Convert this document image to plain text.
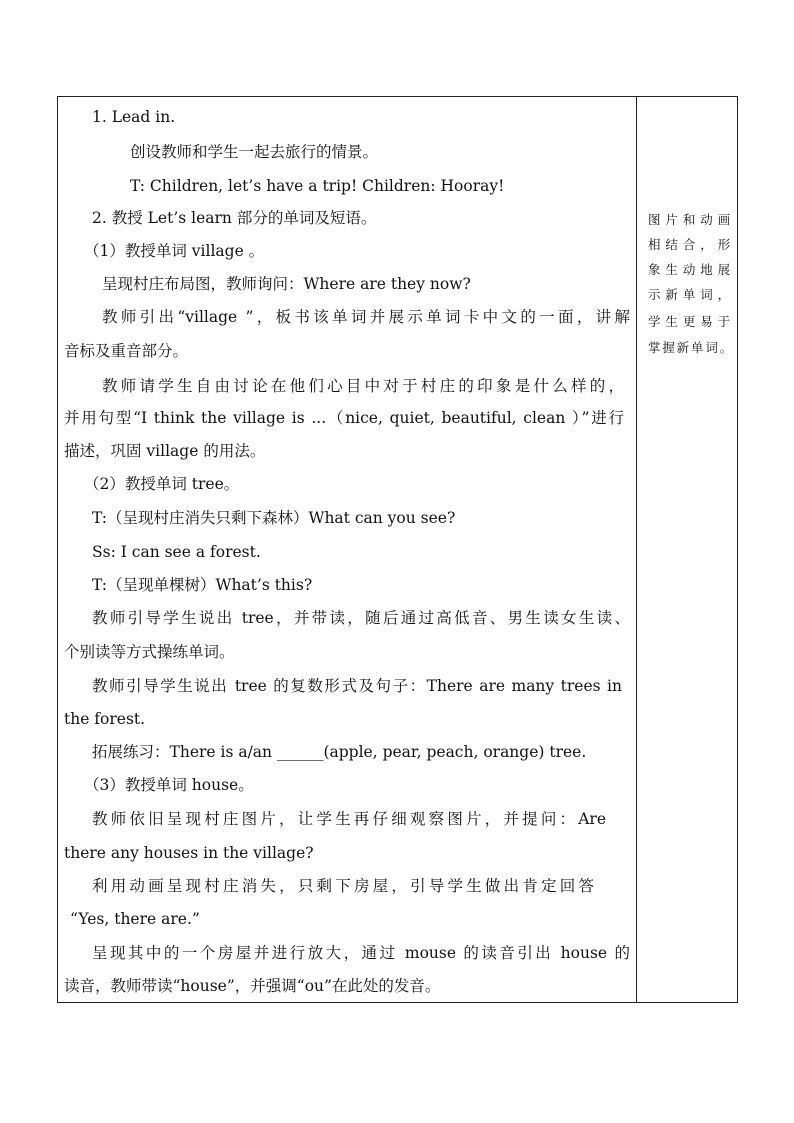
1. Lead in.
创设教师和学生一起去旅行的情景。
T: Children, let’s have a trip! Children: Hooray!
2. 教授 Let’s learn 部分的单词及短语。
（1）教授单词 village 。
呈现村庄布局图，教师询问：Where are they now?
教师引出“village ”，板书该单词并展示单词卡中文的一面，讲解
音标及重音部分。
教师请学生自由讨论在他们心目中对于村庄的印象是什么样的，
并用句型“I think the village is ...（nice, quiet, beautiful, clean ）”进行
描述，巩固 village 的用法。
（2）教授单词 tree。
T:（呈现村庄消失只剩下森林）What can you see?
Ss: I can see a forest.
T:（呈现单棵树）What’s this?
教师引导学生说出 tree，并带读，随后通过高低音、男生读女生读、
个别读等方式操练单词。
教师引导学生说出 tree 的复数形式及句子：There are many trees in
the forest.
拓展练习：There is a/an ______(apple, pear, peach, orange) tree.
（3）教授单词 house。
教师依旧呈现村庄图片，让学生再仔细观察图片，并提问：Are
there any houses in the village?
利用动画呈现村庄消失，只剩下房屋，引导学生做出肯定回答
“Yes, there are.”
呈现其中的一个房屋并进行放大，通过 mouse 的读音引出 house 的
读音，教师带读“house”，并强调“ou”在此处的发音。
图片和动画
相结合，形
象生动地展
示新单词，
学生更易于
掌握新单词。
